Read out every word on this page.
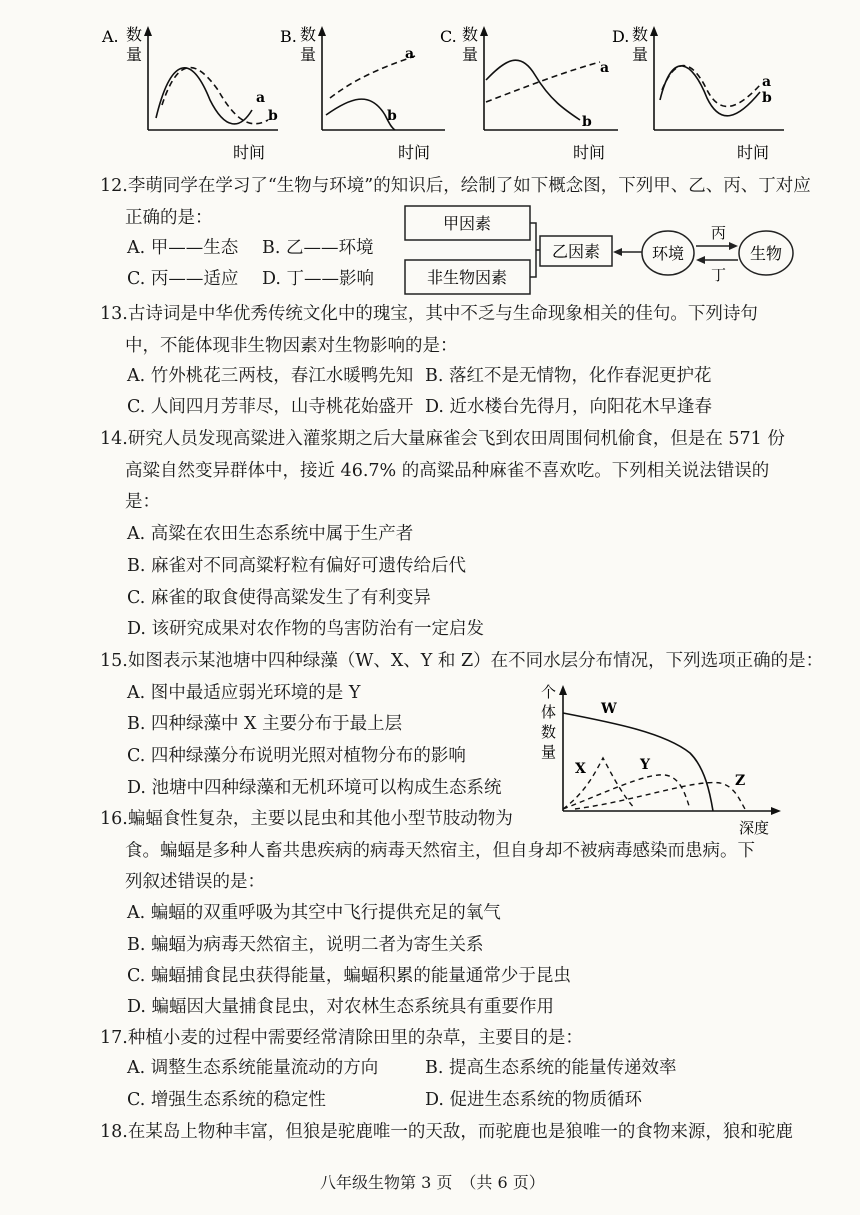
A. 数
量
a
b
时间
B. 数
量	a
b
时间
C. 数
量
a
b
时间
D. 数
量
a
b
时间
12.李萌同学在学习了“生物与环境”的知识后，绘制了如下概念图，下列甲、乙、丙、丁对应
正确的是：
A. 甲——生态 B. 乙——环境
C. 丙——适应 D. 丁——影响
甲因素
非生物因素
乙因素	环境
丙
丁
生物
13.古诗词是中华优秀传统文化中的瑰宝，其中不乏与生命现象相关的佳句。下列诗句
中，不能体现非生物因素对生物影响的是：
A. 竹外桃花三两枝，春江水暖鸭先知 B. 落红不是无情物，化作春泥更护花
C. 人间四月芳菲尽，山寺桃花始盛开 D. 近水楼台先得月，向阳花木早逢春
14.研究人员发现高粱进入灌浆期之后大量麻雀会飞到农田周围伺机偷食，但是在 571 份
高粱自然变异群体中，接近 46.7% 的高粱品种麻雀不喜欢吃。下列相关说法错误的
是：
A. 高粱在农田生态系统中属于生产者
B. 麻雀对不同高粱籽粒有偏好可遗传给后代
C. 麻雀的取食使得高粱发生了有利变异
D. 该研究成果对农作物的鸟害防治有一定启发
15.如图表示某池塘中四种绿藻（W、X、Y 和 Z）在不同水层分布情况，下列选项正确的是：
A. 图中最适应弱光环境的是 Y
B. 四种绿藻中 X 主要分布于最上层
C. 四种绿藻分布说明光照对植物分布的影响
D. 池塘中四种绿藻和无机环境可以构成生态系统
个
体
数
量
W
X	Y
Z
深度
16.蝙蝠食性复杂，主要以昆虫和其他小型节肢动物为
食。蝙蝠是多种人畜共患疾病的病毒天然宿主，但自身却不被病毒感染而患病。下
列叙述错误的是：
A. 蝙蝠的双重呼吸为其空中飞行提供充足的氧气
B. 蝙蝠为病毒天然宿主，说明二者为寄生关系
C. 蝙蝠捕食昆虫获得能量，蝙蝠积累的能量通常少于昆虫
D. 蝙蝠因大量捕食昆虫，对农林生态系统具有重要作用
17.种植小麦的过程中需要经常清除田里的杂草，主要目的是：
A. 调整生态系统能量流动的方向	B. 提高生态系统的能量传递效率
C. 增强生态系统的稳定性	D. 促进生态系统的物质循环
18.在某岛上物种丰富，但狼是驼鹿唯一的天敌，而驼鹿也是狼唯一的食物来源，狼和驼鹿
八年级生物第 3 页　（共 6 页）
